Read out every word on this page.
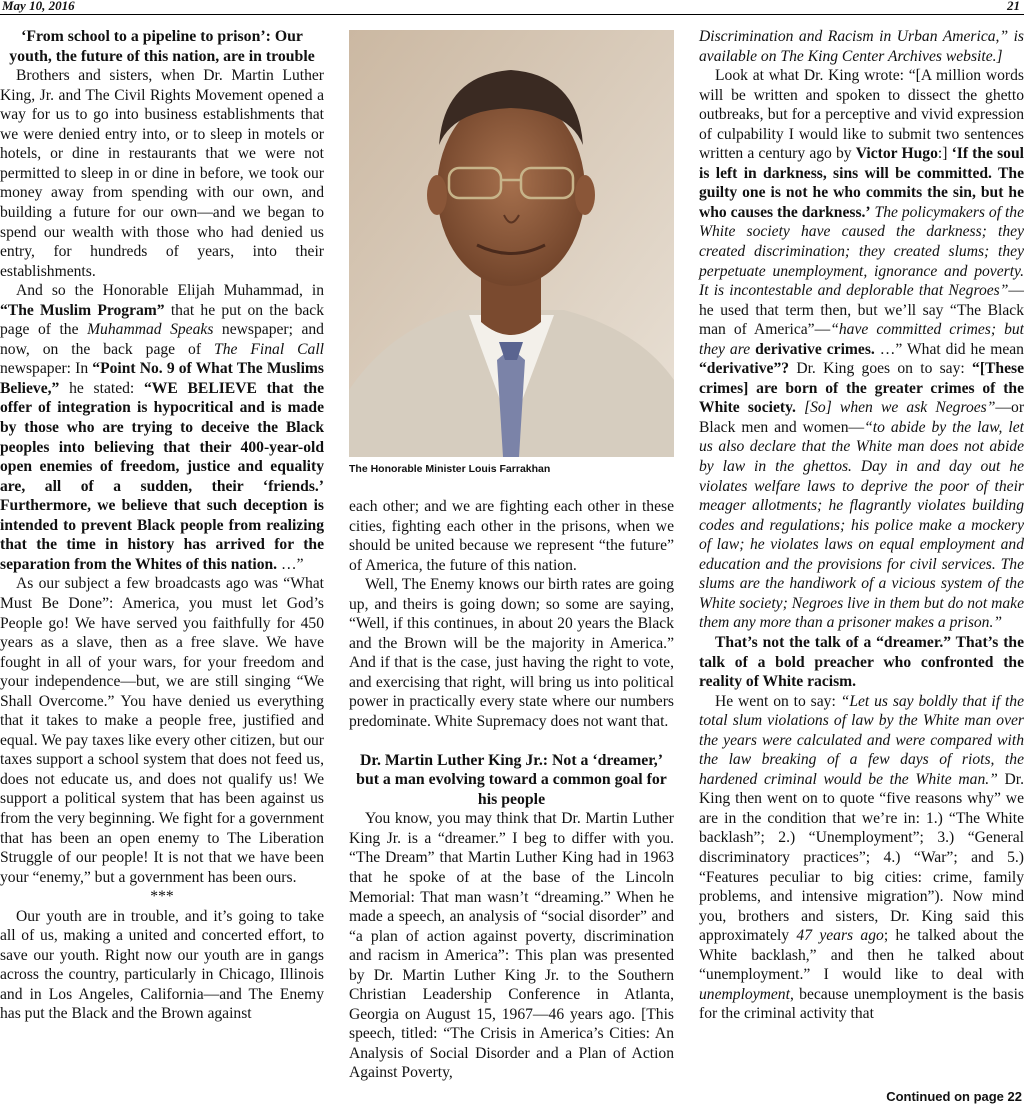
May 10, 2016	21

‘From school to a pipeline to prison’: Our youth, the future of this nation, are in trouble

Brothers and sisters, when Dr. Martin Luther King, Jr. and The Civil Rights Movement opened a way for us to go into business establishments that we were denied entry into, or to sleep in motels or hotels, or dine in restaurants that we were not permitted to sleep in or dine in before, we took our money away from spending with our own, and building a future for our own—and we began to spend our wealth with those who had denied us entry, for hundreds of years, into their establishments.

And so the Honorable Elijah Muhammad, in “The Muslim Program” that he put on the back page of the Muhammad Speaks newspaper; and now, on the back page of The Final Call newspaper: In “Point No. 9 of What The Muslims Believe,” he stated: “WE BELIEVE that the offer of integration is hypocritical and is made by those who are trying to deceive the Black peoples into believing that their 400-year-old open enemies of freedom, justice and equality are, all of a sudden, their ‘friends.’ Furthermore, we believe that such deception is intended to prevent Black people from realizing that the time in history has arrived for the separation from the Whites of this nation. …”

As our subject a few broadcasts ago was “What Must Be Done”: America, you must let God’s People go! We have served you faithfully for 450 years as a slave, then as a free slave. We have fought in all of your wars, for your freedom and your independence—but, we are still singing “We Shall Overcome.” You have denied us everything that it takes to make a people free, justified and equal. We pay taxes like every other citizen, but our taxes support a school system that does not feed us, does not educate us, and does not qualify us! We support a political system that has been against us from the very beginning. We fight for a government that has been an open enemy to The Liberation Struggle of our people! It is not that we have been your “enemy,” but a government has been ours.

***

Our youth are in trouble, and it’s going to take all of us, making a united and concerted effort, to save our youth. Right now our youth are in gangs across the country, particularly in Chicago, Illinois and in Los Angeles, California—and The Enemy has put the Black and the Brown against

The Honorable Minister Louis Farrakhan

each other; and we are fighting each other in these cities, fighting each other in the prisons, when we should be united because we represent “the future” of America, the future of this nation.

Well, The Enemy knows our birth rates are going up, and theirs is going down; so some are saying, “Well, if this continues, in about 20 years the Black and the Brown will be the majority in America.” And if that is the case, just having the right to vote, and exercising that right, will bring us into political power in practically every state where our numbers predominate. White Supremacy does not want that.

Dr. Martin Luther King Jr.: Not a ‘dreamer,’ but a man evolving toward a common goal for his people

You know, you may think that Dr. Martin Luther King Jr. is a “dreamer.” I beg to differ with you. “The Dream” that Martin Luther King had in 1963 that he spoke of at the base of the Lincoln Memorial: That man wasn’t “dreaming.” When he made a speech, an analysis of “social disorder” and “a plan of action against poverty, discrimination and racism in America”: This plan was presented by Dr. Martin Luther King Jr. to the Southern Christian Leadership Conference in Atlanta, Georgia on August 15, 1967—46 years ago. [This speech, titled: “The Crisis in America’s Cities: An Analysis of Social Disorder and a Plan of Action Against Poverty,

Discrimination and Racism in Urban America,” is available on The King Center Archives website.]

Look at what Dr. King wrote: “[A million words will be written and spoken to dissect the ghetto outbreaks, but for a perceptive and vivid expression of culpability I would like to submit two sentences written a century ago by Victor Hugo:] ‘If the soul is left in darkness, sins will be committed. The guilty one is not he who commits the sin, but he who causes the darkness.’ The policymakers of the White society have caused the darkness; they created discrimination; they created slums; they perpetuate unemployment, ignorance and poverty. It is incontestable and deplorable that Negroes”—he used that term then, but we’ll say “The Black man of America”—“have committed crimes; but they are derivative crimes. …” What did he mean “derivative”? Dr. King goes on to say: “[These crimes] are born of the greater crimes of the White society. [So] when we ask Negroes”—or Black men and women—“to abide by the law, let us also declare that the White man does not abide by law in the ghettos. Day in and day out he violates welfare laws to deprive the poor of their meager allotments; he flagrantly violates building codes and regulations; his police make a mockery of law; he violates laws on equal employment and education and the provisions for civil services. The slums are the handiwork of a vicious system of the White society; Negroes live in them but do not make them any more than a prisoner makes a prison.”

That’s not the talk of a “dreamer.” That’s the talk of a bold preacher who confronted the reality of White racism.

He went on to say: “Let us say boldly that if the total slum violations of law by the White man over the years were calculated and were compared with the law breaking of a few days of riots, the hardened criminal would be the White man.” Dr. King then went on to quote “five reasons why” we are in the condition that we’re in: 1.) “The White backlash”; 2.) “Unemployment”; 3.) “General discriminatory practices”; 4.) “War”; and 5.) “Features peculiar to big cities: crime, family problems, and intensive migration”). Now mind you, brothers and sisters, Dr. King said this approximately 47 years ago; he talked about the White backlash,” and then he talked about “unemployment.” I would like to deal with unemployment, because unemployment is the basis for the criminal activity that

Continued on page 22
